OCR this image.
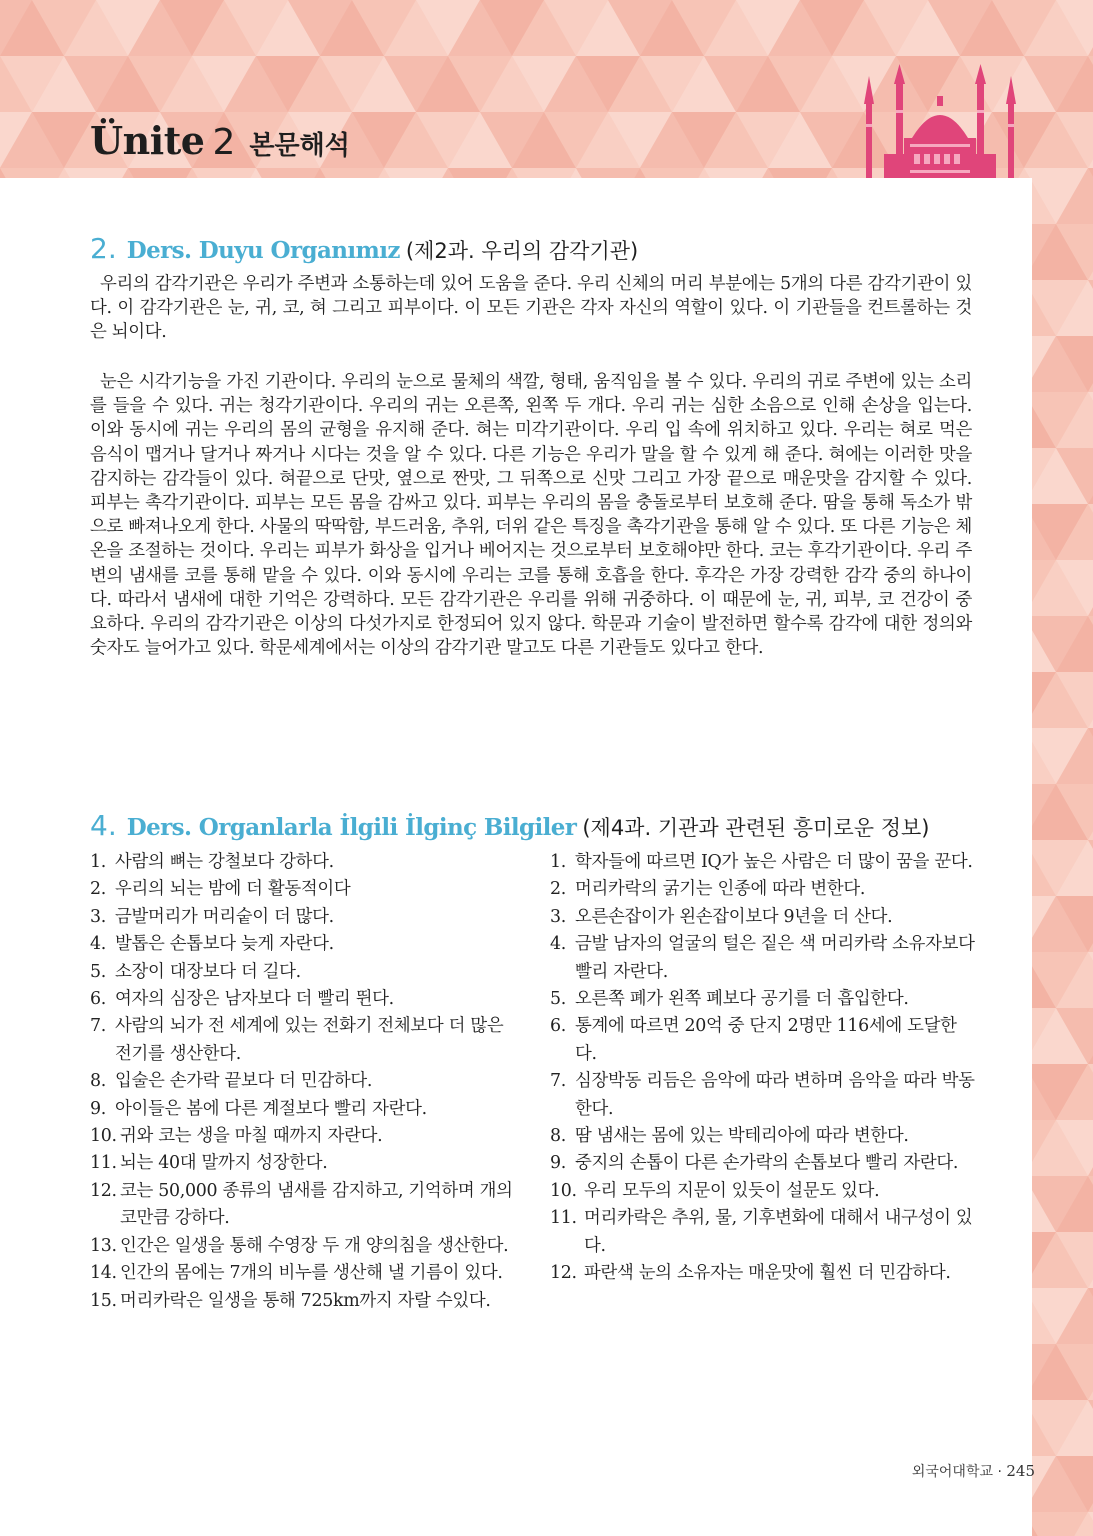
Ünite 2 본문해석
2. Ders. Duyu Organımız (제2과. 우리의 감각기관)

우리의 감각기관은 우리가 주변과 소통하는데 있어 도움을 준다. 우리 신체의 머리 부분에는 5개의 다른 감각기관이 있다. 이 감각기관은 눈, 귀, 코, 혀 그리고 피부이다. 이 모든 기관은 각자 자신의 역할이 있다. 이 기관들을 컨트롤하는 것은 뇌이다.

눈은 시각기능을 가진 기관이다. 우리의 눈으로 물체의 색깔, 형태, 움직임을 볼 수 있다. 우리의 귀로 주변에 있는 소리를 들을 수 있다. 귀는 청각기관이다. 우리의 귀는 오른쪽, 왼쪽 두 개다. 우리 귀는 심한 소음으로 인해 손상을 입는다. 이와 동시에 귀는 우리의 몸의 균형을 유지해 준다. 혀는 미각기관이다. 우리 입 속에 위치하고 있다. 우리는 혀로 먹은 음식이 맵거나 달거나 짜거나 시다는 것을 알 수 있다. 다른 기능은 우리가 말을 할 수 있게 해 준다. 혀에는 이러한 맛을 감지하는 감각들이 있다. 혀끝으로 단맛, 옆으로 짠맛, 그 뒤쪽으로 신맛 그리고 가장 끝으로 매운맛을 감지할 수 있다. 피부는 촉각기관이다. 피부는 모든 몸을 감싸고 있다. 피부는 우리의 몸을 충돌로부터 보호해 준다. 땀을 통해 독소가 밖으로 빠져나오게 한다. 사물의 딱딱함, 부드러움, 추위, 더위 같은 특징을 촉각기관을 통해 알 수 있다. 또 다른 기능은 체온을 조절하는 것이다. 우리는 피부가 화상을 입거나 베어지는 것으로부터 보호해야만 한다. 코는 후각기관이다. 우리 주변의 냄새를 코를 통해 맡을 수 있다. 이와 동시에 우리는 코를 통해 호흡을 한다. 후각은 가장 강력한 감각 중의 하나이다. 따라서 냄새에 대한 기억은 강력하다. 모든 감각기관은 우리를 위해 귀중하다. 이 때문에 눈, 귀, 피부, 코 건강이 중요하다. 우리의 감각기관은 이상의 다섯가지로 한정되어 있지 않다. 학문과 기술이 발전하면 할수록 감각에 대한 정의와 숫자도 늘어가고 있다. 학문세계에서는 이상의 감각기관 말고도 다른 기관들도 있다고 한다.

4. Ders. Organlarla İlgili İlginç Bilgiler (제4과. 기관과 관련된 흥미로운 정보)
1. 사람의 뼈는 강철보다 강하다.
2. 우리의 뇌는 밤에 더 활동적이다
3. 금발머리가 머리숱이 더 많다.
4. 발톱은 손톱보다 늦게 자란다.
5. 소장이 대장보다 더 길다.
6. 여자의 심장은 남자보다 더 빨리 뛴다.
7. 사람의 뇌가 전 세계에 있는 전화기 전체보다 더 많은 전기를 생산한다.
8. 입술은 손가락 끝보다 더 민감하다.
9. 아이들은 봄에 다른 계절보다 빨리 자란다.
10. 귀와 코는 생을 마칠 때까지 자란다.
11. 뇌는 40대 말까지 성장한다.
12. 코는 50,000 종류의 냄새를 감지하고, 기억하며 개의 코만큼 강하다.
13. 인간은 일생을 통해 수영장 두 개 양의침을 생산한다.
14. 인간의 몸에는 7개의 비누를 생산해 낼 기름이 있다.
15. 머리카락은 일생을 통해 725km까지 자랄 수있다.
1. 학자들에 따르면 IQ가 높은 사람은 더 많이 꿈을 꾼다.
2. 머리카락의 굵기는 인종에 따라 변한다.
3. 오른손잡이가 왼손잡이보다 9년을 더 산다.
4. 금발 남자의 얼굴의 털은 짙은 색 머리카락 소유자보다 빨리 자란다.
5. 오른쪽 폐가 왼쪽 폐보다 공기를 더 흡입한다.
6. 통계에 따르면 20억 중 단지 2명만 116세에 도달한다.
7. 심장박동 리듬은 음악에 따라 변하며 음악을 따라 박동한다.
8. 땀 냄새는 몸에 있는 박테리아에 따라 변한다.
9. 중지의 손톱이 다른 손가락의 손톱보다 빨리 자란다.
10. 우리 모두의 지문이 있듯이 설문도 있다.
11. 머리카락은 추위, 물, 기후변화에 대해서 내구성이 있다.
12. 파란색 눈의 소유자는 매운맛에 훨씬 더 민감하다.
외국어대학교 · 245
